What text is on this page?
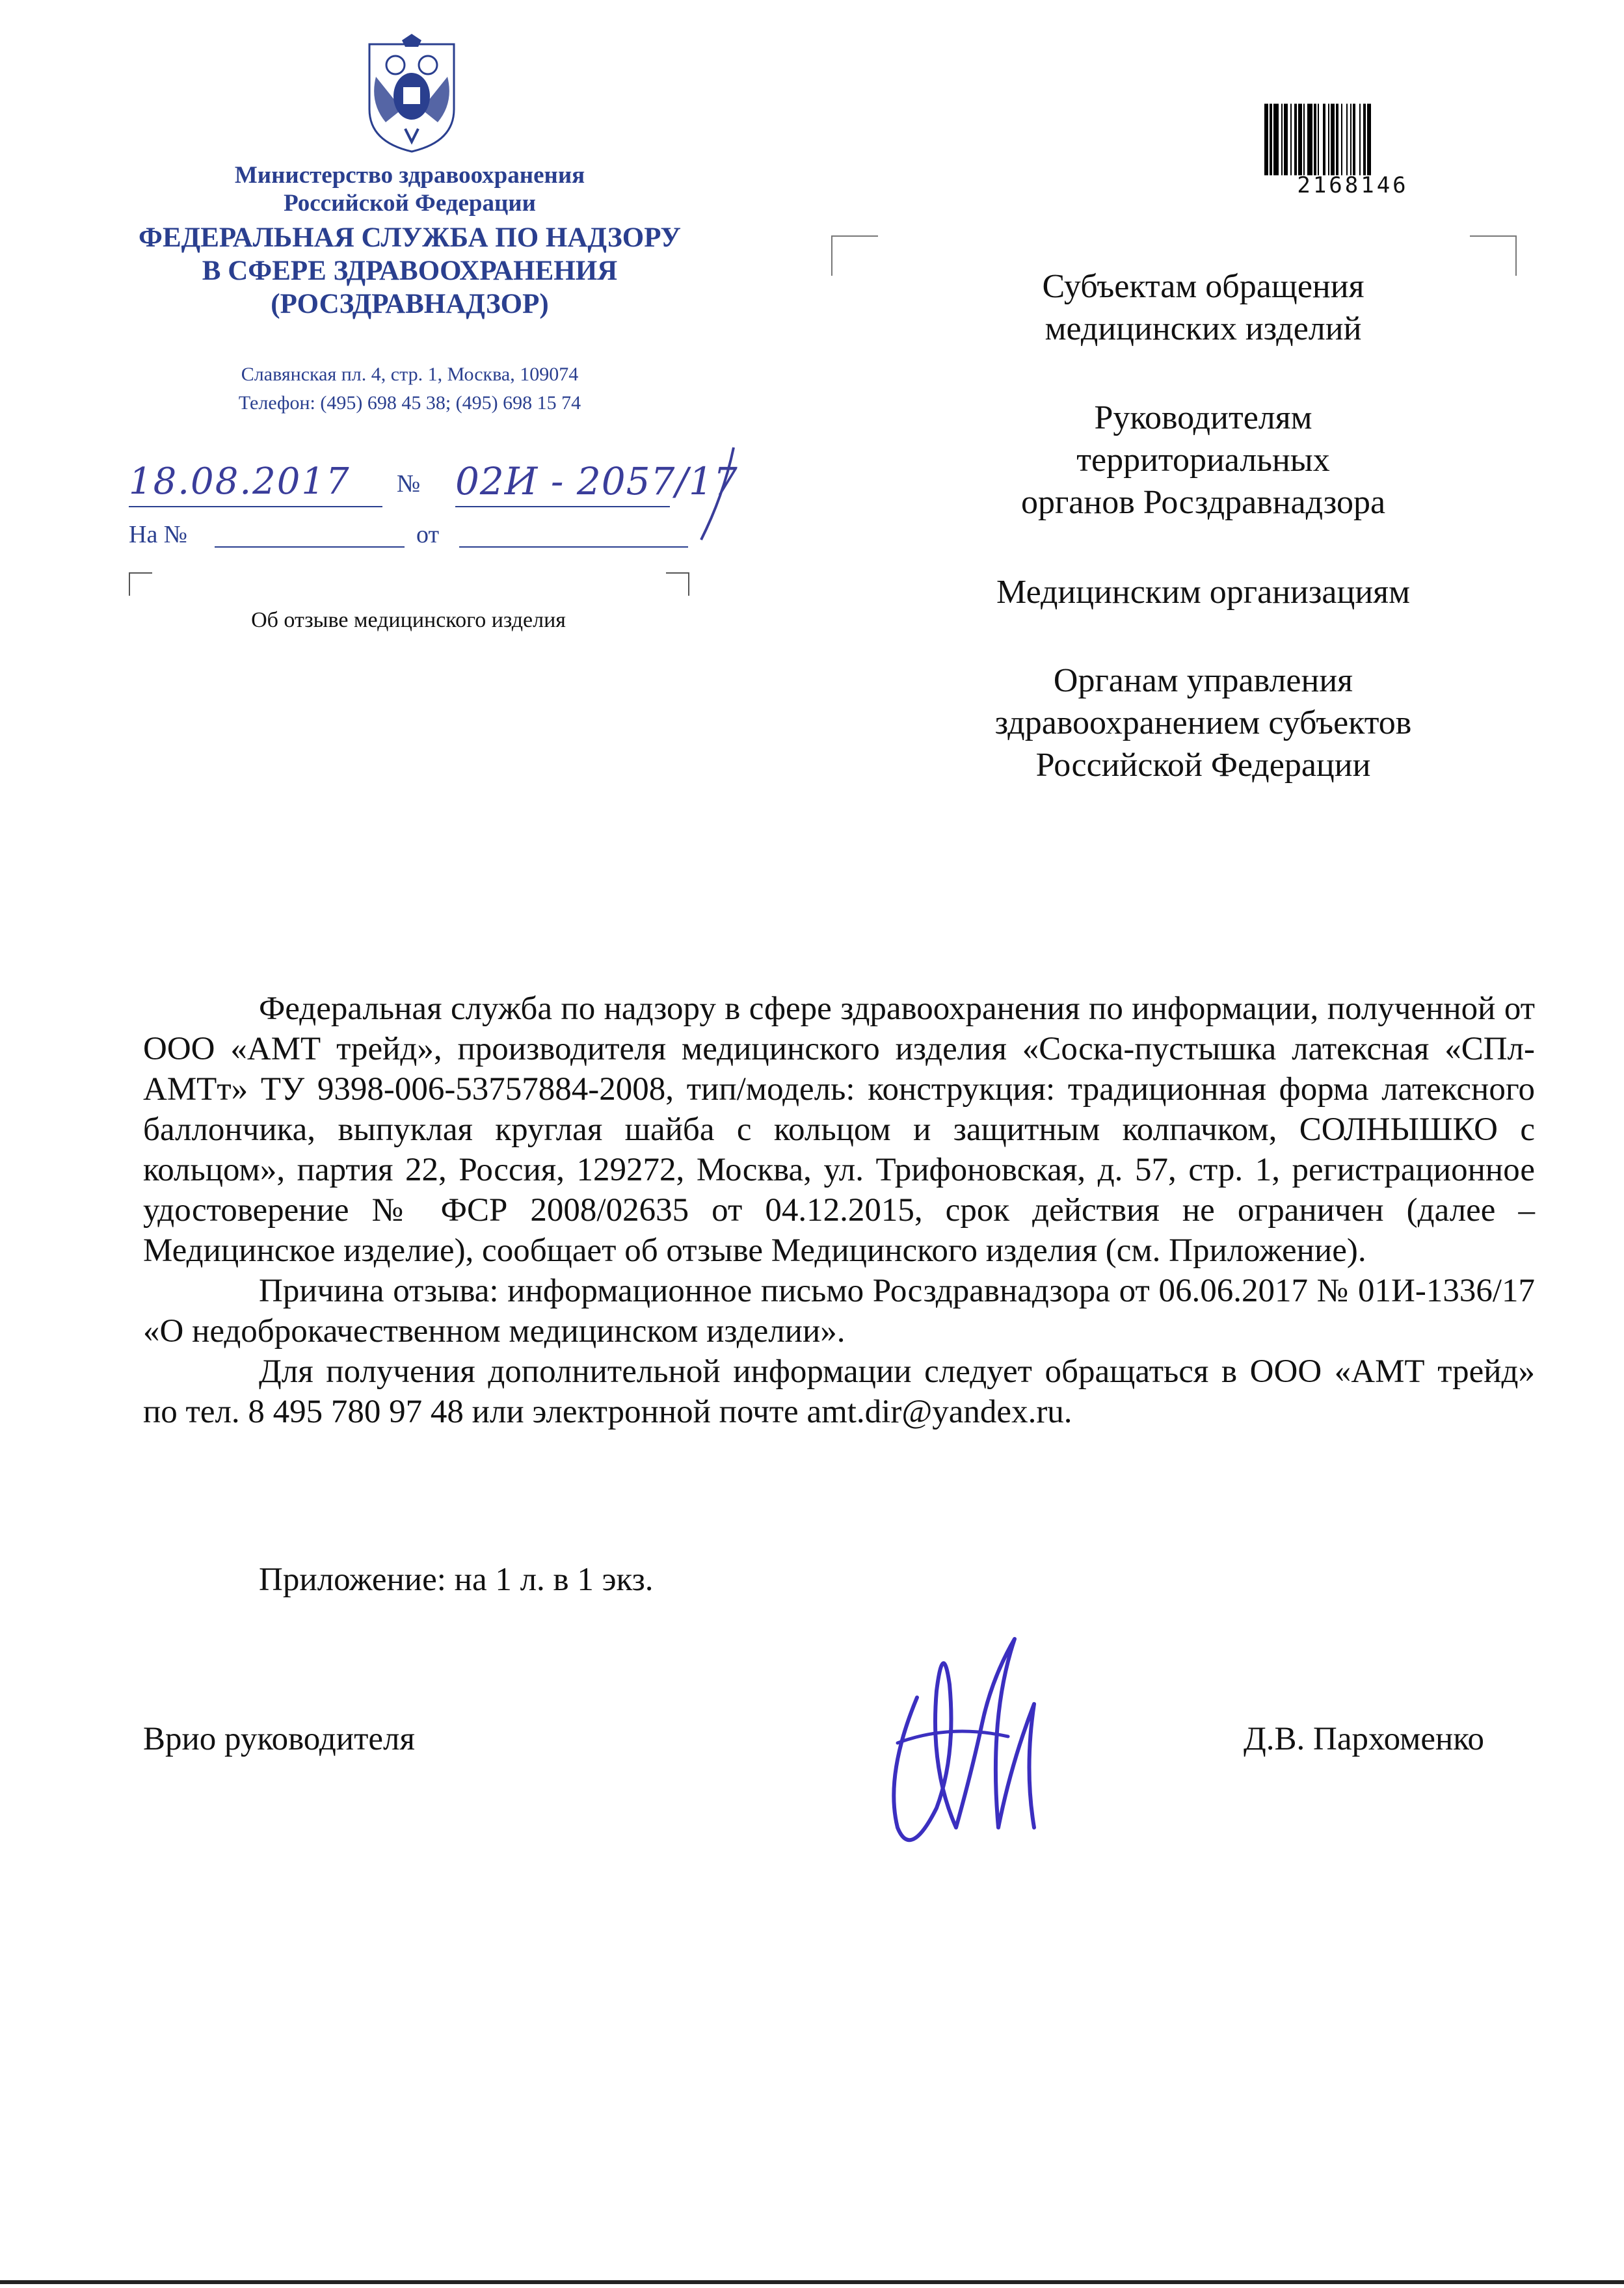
Министерство здравоохранения
Российской Федерации
ФЕДЕРАЛЬНАЯ СЛУЖБА ПО НАДЗОРУ
В СФЕРЕ ЗДРАВООХРАНЕНИЯ
(РОСЗДРАВНАДЗОР)
Славянская пл. 4, стр. 1, Москва, 109074
Телефон: (495) 698 45 38; (495) 698 15 74
18.08.2017 № 02И - 2057/17
На №	от
Об отзыве медицинского изделия
2168146
Субъектам обращения
медицинских изделий
Руководителям
территориальных
органов Росздравнадзора
Медицинским организациям
Органам управления
здравоохранением субъектов
Российской Федерации

Федеральная служба по надзору в сфере здравоохранения по информации, полученной от ООО «АМТ трейд», производителя медицинского изделия «Соска-пустышка латексная «СПл-АМТт» ТУ 9398-006-53757884-2008, тип/модель: конструкция: традиционная форма латексного баллончика, выпуклая круглая шайба с кольцом и защитным колпачком, СОЛНЫШКО с кольцом», партия 22, Россия, 129272, Москва, ул. Трифоновская, д. 57, стр. 1, регистрационное удостоверение № ФСР 2008/02635 от 04.12.2015, срок действия не ограничен (далее – Медицинское изделие), сообщает об отзыве Медицинского изделия (см. Приложение).

Причина отзыва: информационное письмо Росздравнадзора от 06.06.2017 № 01И-1336/17 «О недоброкачественном медицинском изделии».

Для получения дополнительной информации следует обращаться в ООО «АМТ трейд» по тел. 8 495 780 97 48 или электронной почте amt.dir@yandex.ru.

Приложение: на 1 л. в 1 экз.
Врио руководителя	Д.В. Пархоменко
